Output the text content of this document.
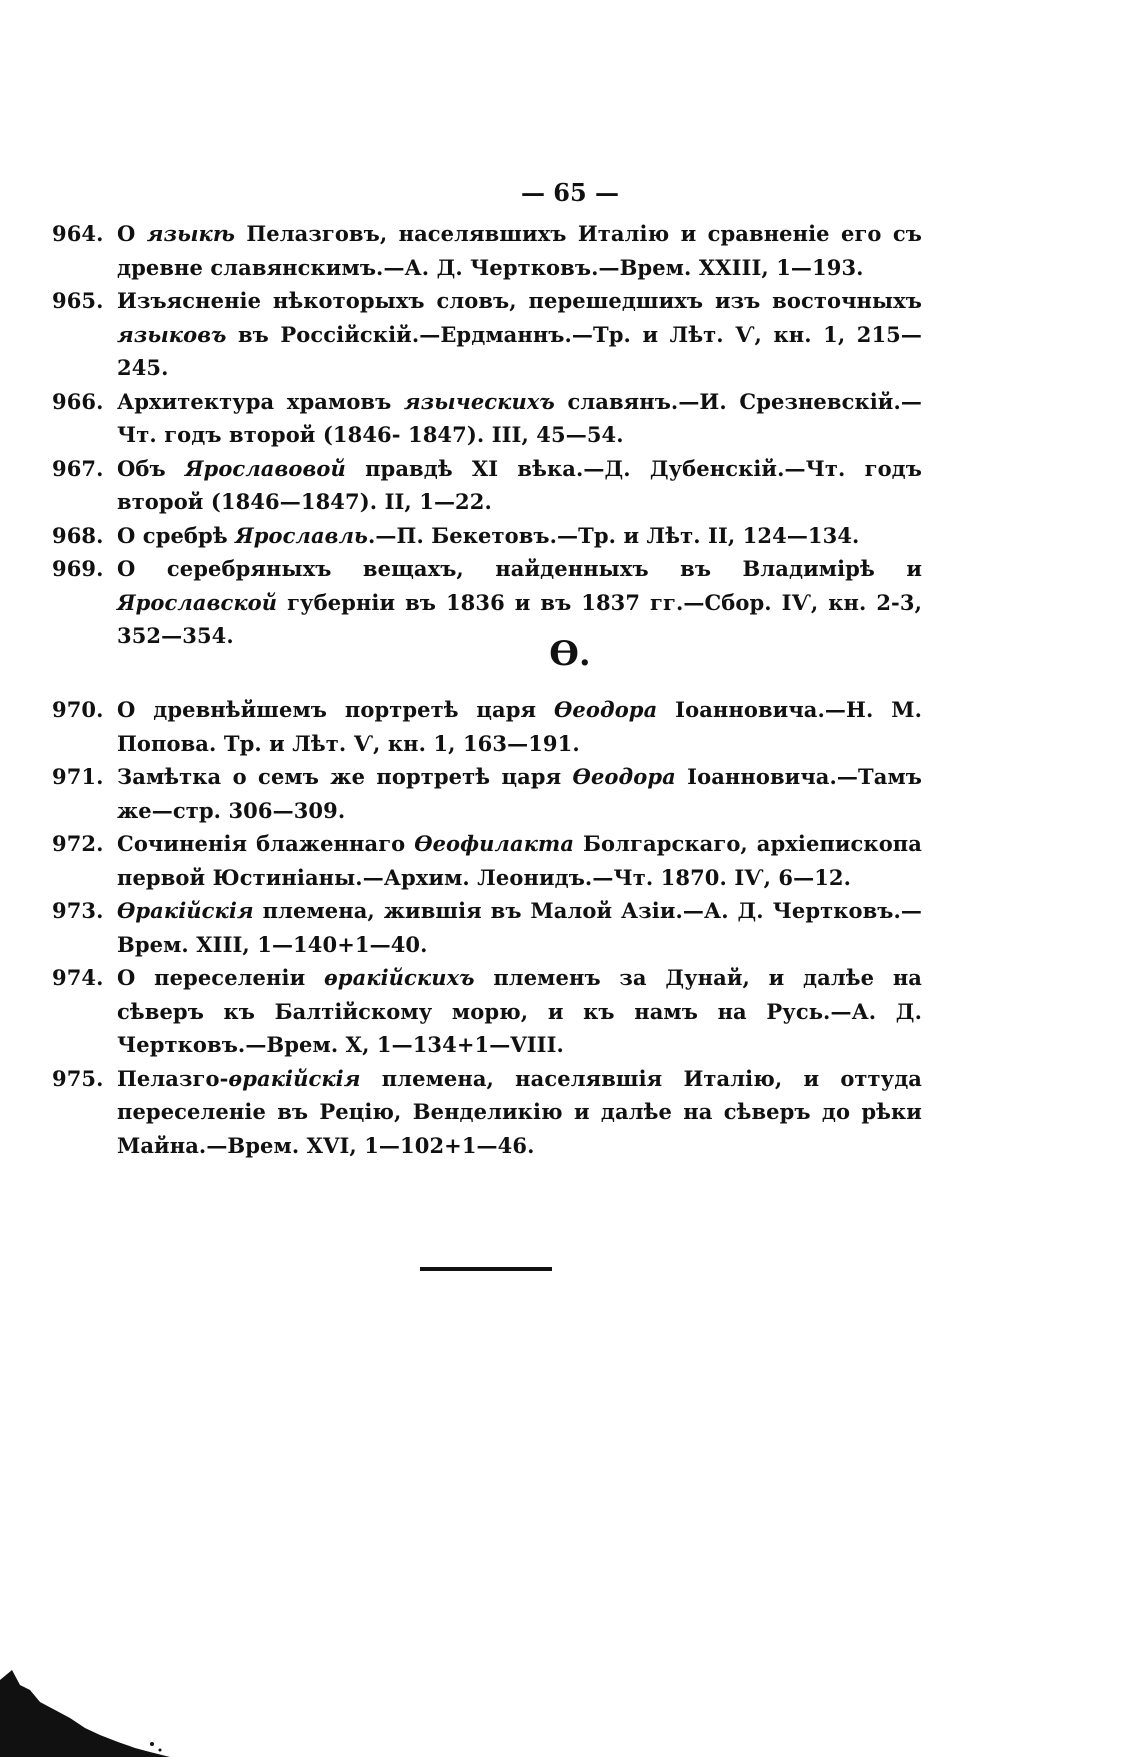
— 65 —
964. О языкѣ Пелазговъ, населявшихъ Италію и сравненіе его съ древне славянскимъ.—А. Д. Чертковъ.—Врем. XXIII, 1—193.
965. Изъясненіе нѣкоторыхъ словъ, перешедшихъ изъ восточныхъ языковъ въ Россійскій.—Ердманнъ.—Тр. и Лѣт. Ѵ, кн. 1, 215—245.
966. Архитектура храмовъ языческихъ славянъ.—И. Срезневскій.—Чт. годъ второй (1846- 1847). III, 45—54.
967. Объ Ярославовой правдѣ XI вѣка.—Д. Дубенскій.—Чт. годъ второй (1846—1847). II, 1—22.
968. О сребрѣ Ярославль.—П. Бекетовъ.—Тр. и Лѣт. II, 124—134.
969. О серебряныхъ вещахъ, найденныхъ въ Владимірѣ и Ярославской губерніи въ 1836 и въ 1837 гг.—Сбор. IѴ, кн. 2-3, 352—354.	Ѳ.
970. О древнѣйшемъ портретѣ царя Ѳеодора Іоанновича.—Н. М. Попова. Тр. и Лѣт. Ѵ, кн. 1, 163—191.
971. Замѣтка о семъ же портретѣ царя Ѳеодора Іоанновича.—Тамъ же—стр. 306—309.
972. Сочиненія блаженнаго Ѳеофилакта Болгарскаго, архіепископа первой Юстиніаны.—Архим. Леонидъ.—Чт. 1870. IѴ, 6—12.
973. Ѳракійскія племена, жившія въ Малой Азіи.—А. Д. Чертковъ.—Врем. XIII, 1—140+1—40.
974. О переселеніи ѳракійскихъ племенъ за Дунай, и далѣе на сѣверъ къ Балтійскому морю, и къ намъ на Русь.—А. Д. Чертковъ.—Врем. X, 1—134+1—VIII.
975. Пелазго-ѳракійскія племена, населявшія Италію, и оттуда переселеніе въ Рецію, Венделикію и далѣе на сѣверъ до рѣки Майна.—Врем. XVI, 1—102+1—46.
